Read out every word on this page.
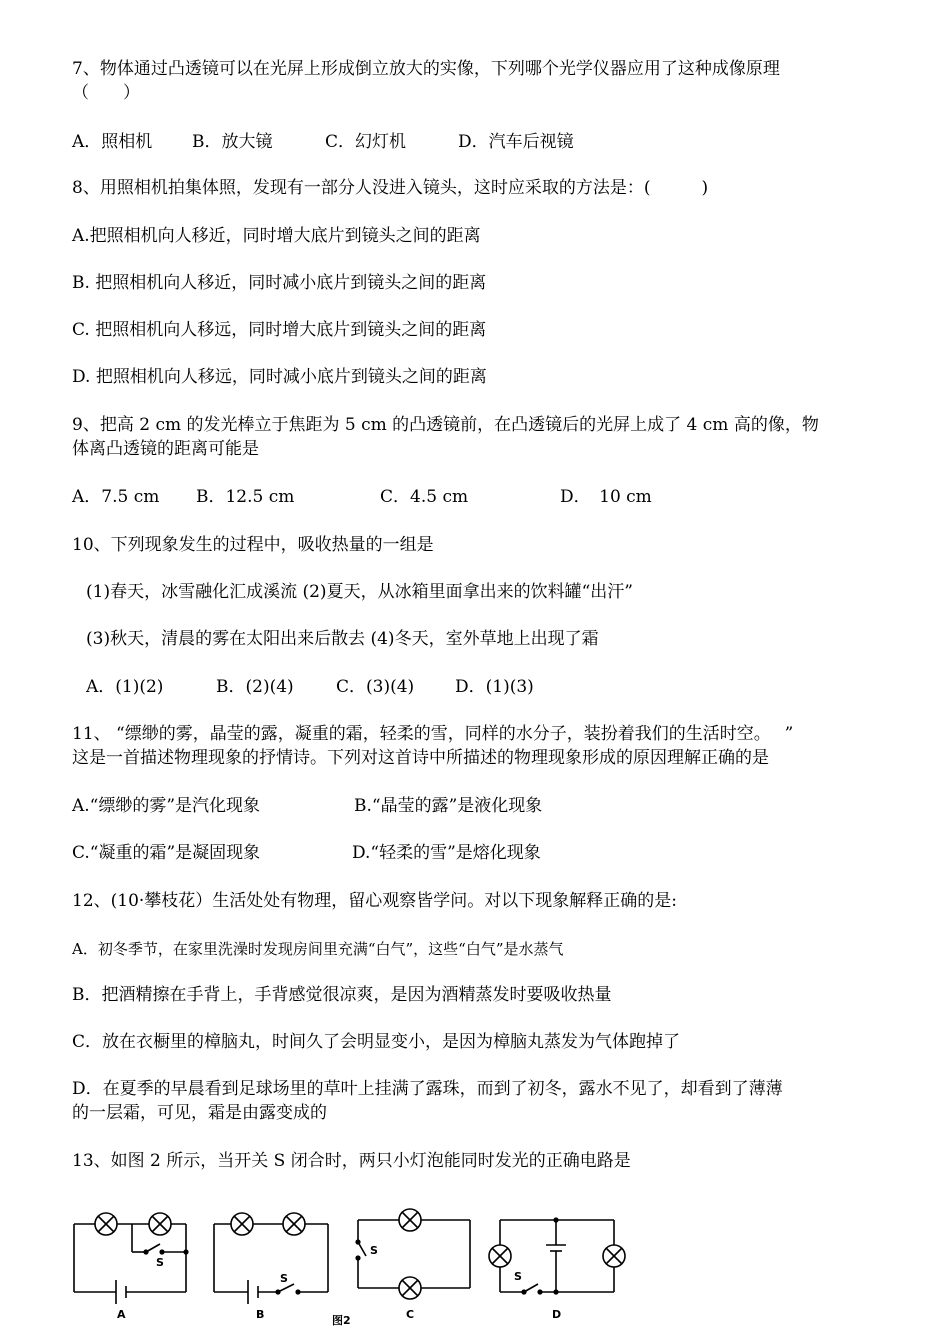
7、物体通过凸透镜可以在光屏上形成倒立放大的实像，下列哪个光学仪器应用了这种成像原理
（　　）
A．照相机 B．放大镜	C．幻灯机	D．汽车后视镜
8、用照相机拍集体照，发现有一部分人没进入镜头，这时应采取的方法是：(　　　)
A.把照相机向人移近，同时增大底片到镜头之间的距离
B. 把照相机向人移近，同时减小底片到镜头之间的距离
C. 把照相机向人移远，同时增大底片到镜头之间的距离
D. 把照相机向人移远，同时减小底片到镜头之间的距离
9、把高 2 cm 的发光棒立于焦距为 5 cm 的凸透镜前，在凸透镜后的光屏上成了 4 cm 高的像，物
体离凸透镜的距离可能是
A．7.5 cm B．12.5 cm	C．4.5 cm	D．　10 cm
10、下列现象发生的过程中，吸收热量的一组是
(1)春天，冰雪融化汇成溪流 (2)夏天，从冰箱里面拿出来的饮料罐“出汗”
(3)秋天，清晨的雾在太阳出来后散去 (4)冬天，室外草地上出现了霜
A．(1)(2)	B．(2)(4) C．(3)(4) D．(1)(3)
11、 “缥缈的雾，晶莹的露，凝重的霜，轻柔的雪，同样的水分子，装扮着我们的生活时空。　 ”
这是一首描述物理现象的抒情诗。下列对这首诗中所描述的物理现象形成的原因理解正确的是
A.“缥缈的雾”是汽化现象	B.“晶莹的露”是液化现象
C.“凝重的霜”是凝固现象	D.“轻柔的雪”是熔化现象
12、(10·攀枝花）生活处处有物理，留心观察皆学问。对以下现象解释正确的是:
A．初冬季节，在家里洗澡时发现房间里充满“白气”，这些“白气”是水蒸气
B．把酒精擦在手背上，手背感觉很凉爽，是因为酒精蒸发时要吸收热量
C．放在衣橱里的樟脑丸，时间久了会明显变小，是因为樟脑丸蒸发为气体跑掉了
D．在夏季的早晨看到足球场里的草叶上挂满了露珠，而到了初冬，露水不见了，却看到了薄薄
的一层霜，可见，霜是由露变成的
13、如图 2 所示，当开关 S 闭合时，两只小灯泡能同时发光的正确电路是
S
S
S
S
A	B	C	D
图2
